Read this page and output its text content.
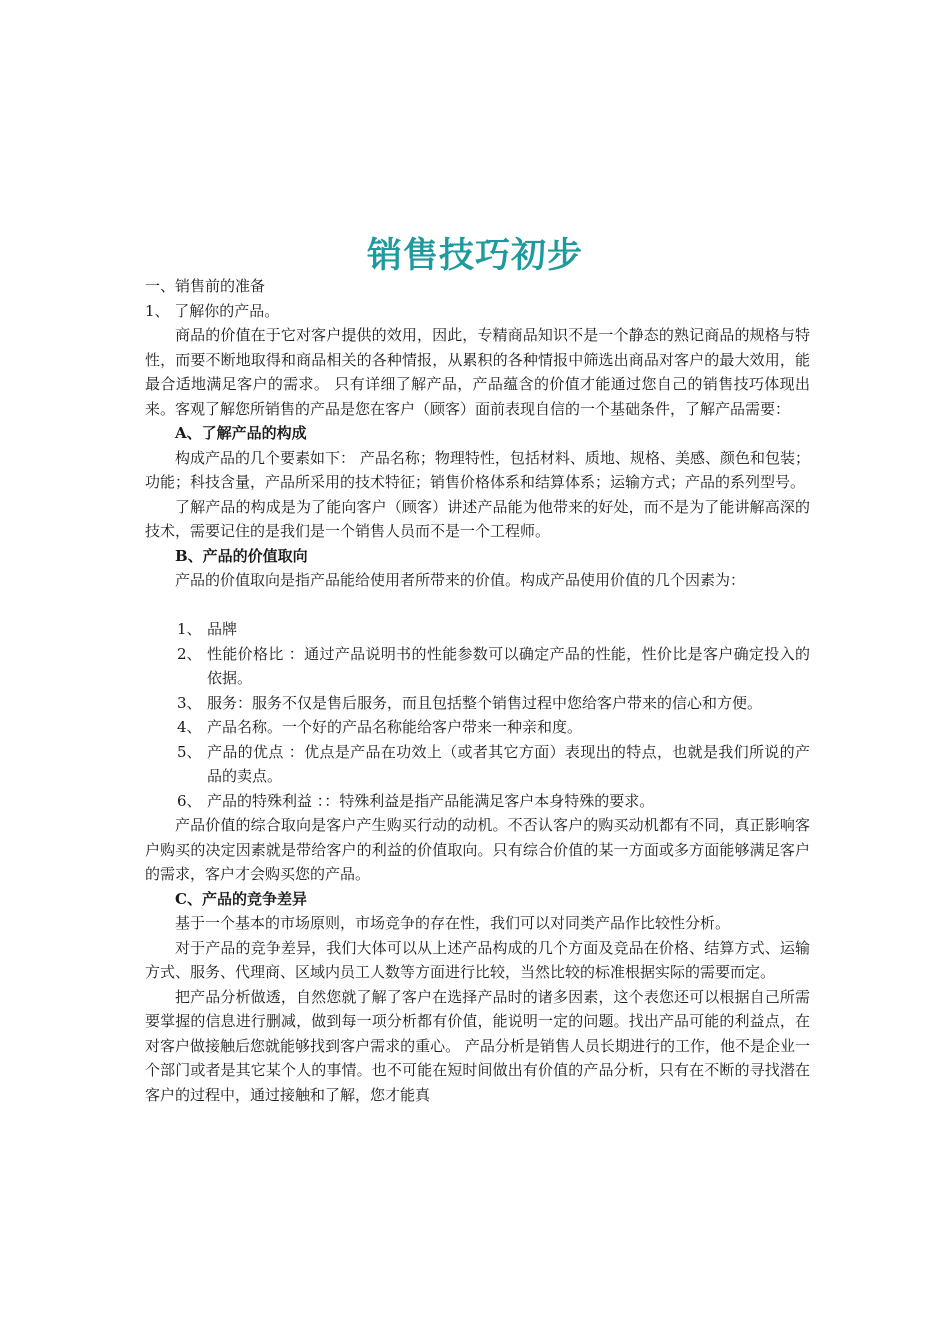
销售技巧初步
一、销售前的准备
1、 了解你的产品。
商品的价值在于它对客户提供的效用，因此，专精商品知识不是一个静态的熟记商品的规格与特性，而要不断地取得和商品相关的各种情报，从累积的各种情报中筛选出商品对客户的最大效用，能最合适地满足客户的需求。 只有详细了解产品，产品蕴含的价值才能通过您自己的销售技巧体现出来。客观了解您所销售的产品是您在客户（顾客）面前表现自信的一个基础条件，了解产品需要：
A、了解产品的构成
构成产品的几个要素如下： 产品名称；物理特性，包括材料、质地、规格、美感、颜色和包装；功能；科技含量，产品所采用的技术特征；销售价格体系和结算体系；运输方式；产品的系列型号。
了解产品的构成是为了能向客户（顾客）讲述产品能为他带来的好处，而不是为了能讲解高深的技术，需要记住的是我们是一个销售人员而不是一个工程师。
B、产品的价值取向
产品的价值取向是指产品能给使用者所带来的价值。构成产品使用价值的几个因素为：
1、 品牌
2、 性能价格比 ：通过产品说明书的性能参数可以确定产品的性能，性价比是客户确定投入的依据。
3、 服务：服务不仅是售后服务，而且包括整个销售过程中您给客户带来的信心和方便。
4、 产品名称。一个好的产品名称能给客户带来一种亲和度。
5、 产品的优点 ：优点是产品在功效上（或者其它方面）表现出的特点，也就是我们所说的产品的卖点。
6、 产品的特殊利益 ：：特殊利益是指产品能满足客户本身特殊的要求。
产品价值的综合取向是客户产生购买行动的动机。不否认客户的购买动机都有不同，真正影响客户购买的决定因素就是带给客户的利益的价值取向。只有综合价值的某一方面或多方面能够满足客户的需求，客户才会购买您的产品。
C、产品的竞争差异
基于一个基本的市场原则，市场竞争的存在性，我们可以对同类产品作比较性分析。
对于产品的竞争差异，我们大体可以从上述产品构成的几个方面及竞品在价格、结算方式、运输方式、服务、代理商、区域内员工人数等方面进行比较，当然比较的标准根据实际的需要而定。
把产品分析做透，自然您就了解了客户在选择产品时的诸多因素，这个表您还可以根据自己所需要掌握的信息进行删减，做到每一项分析都有价值，能说明一定的问题。找出产品可能的利益点，在对客户做接触后您就能够找到客户需求的重心。 产品分析是销售人员长期进行的工作，他不是企业一个部门或者是其它某个人的事情。也不可能在短时间做出有价值的产品分析，只有在不断的寻找潜在客户的过程中，通过接触和了解，您才能真
